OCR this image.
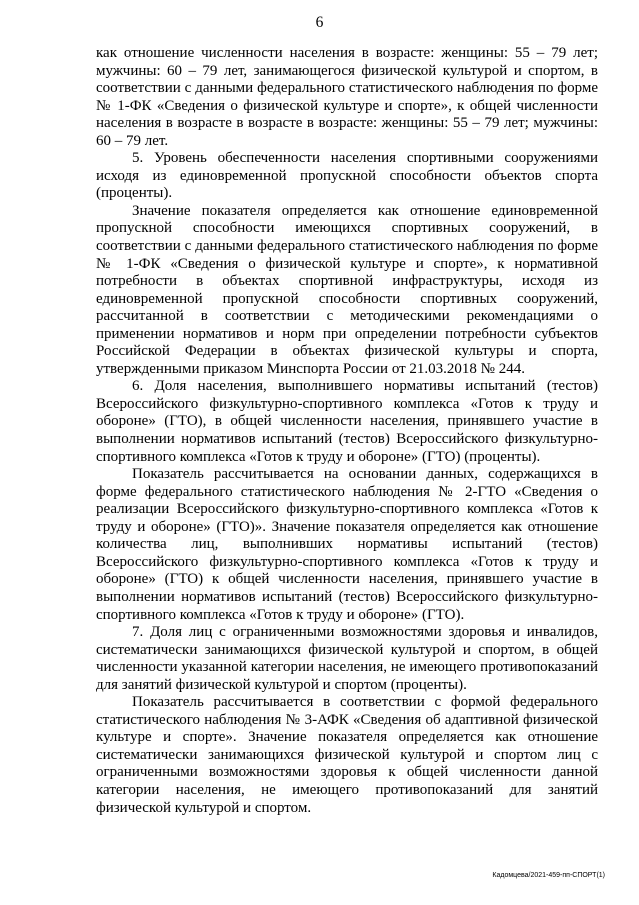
6

как отношение численности населения в возрасте: женщины: 55 – 79 лет; мужчины: 60 – 79 лет, занимающегося физической культурой и спортом, в соответствии с данными федерального статистического наблюдения по форме № 1-ФК «Сведения о физической культуре и спорте», к общей численности населения в возрасте в возрасте в возрасте: женщины: 55 – 79 лет; мужчины: 60 – 79 лет.

5. Уровень обеспеченности населения спортивными сооружениями исходя из единовременной пропускной способности объектов спорта (проценты).

Значение показателя определяется как отношение единовременной пропускной способности имеющихся спортивных сооружений, в соответствии с данными федерального статистического наблюдения по форме № 1-ФК «Сведения о физической культуре и спорте», к нормативной потребности в объектах спортивной инфраструктуры, исходя из единовременной пропускной способности спортивных сооружений, рассчитанной в соответствии с методическими рекомендациями о применении нормативов и норм при определении потребности субъектов Российской Федерации в объектах физической культуры и спорта, утвержденными приказом Минспорта России от 21.03.2018 № 244.

6. Доля населения, выполнившего нормативы испытаний (тестов) Всероссийского физкультурно-спортивного комплекса «Готов к труду и обороне» (ГТО), в общей численности населения, принявшего участие в выполнении нормативов испытаний (тестов) Всероссийского физкультурно-спортивного комплекса «Готов к труду и обороне» (ГТО) (проценты).

Показатель рассчитывается на основании данных, содержащихся в форме федерального статистического наблюдения № 2-ГТО «Сведения о реализации Всероссийского физкультурно-спортивного комплекса «Готов к труду и обороне» (ГТО)». Значение показателя определяется как отношение количества лиц, выполнивших нормативы испытаний (тестов) Всероссийского физкультурно-спортивного комплекса «Готов к труду и обороне» (ГТО) к общей численности населения, принявшего участие в выполнении нормативов испытаний (тестов) Всероссийского физкультурно-спортивного комплекса «Готов к труду и обороне» (ГТО).

7. Доля лиц с ограниченными возможностями здоровья и инвалидов, систематически занимающихся физической культурой и спортом, в общей численности указанной категории населения, не имеющего противопоказаний для занятий физической культурой и спортом (проценты).

Показатель рассчитывается в соответствии с формой федерального статистического наблюдения № 3-АФК «Сведения об адаптивной физической культуре и спорте». Значение показателя определяется как отношение систематически занимающихся физической культурой и спортом лиц с ограниченными возможностями здоровья к общей численности данной категории населения, не имеющего противопоказаний для занятий физической культурой и спортом.

Кадомцева/2021-459-пп-СПОРТ(1)
